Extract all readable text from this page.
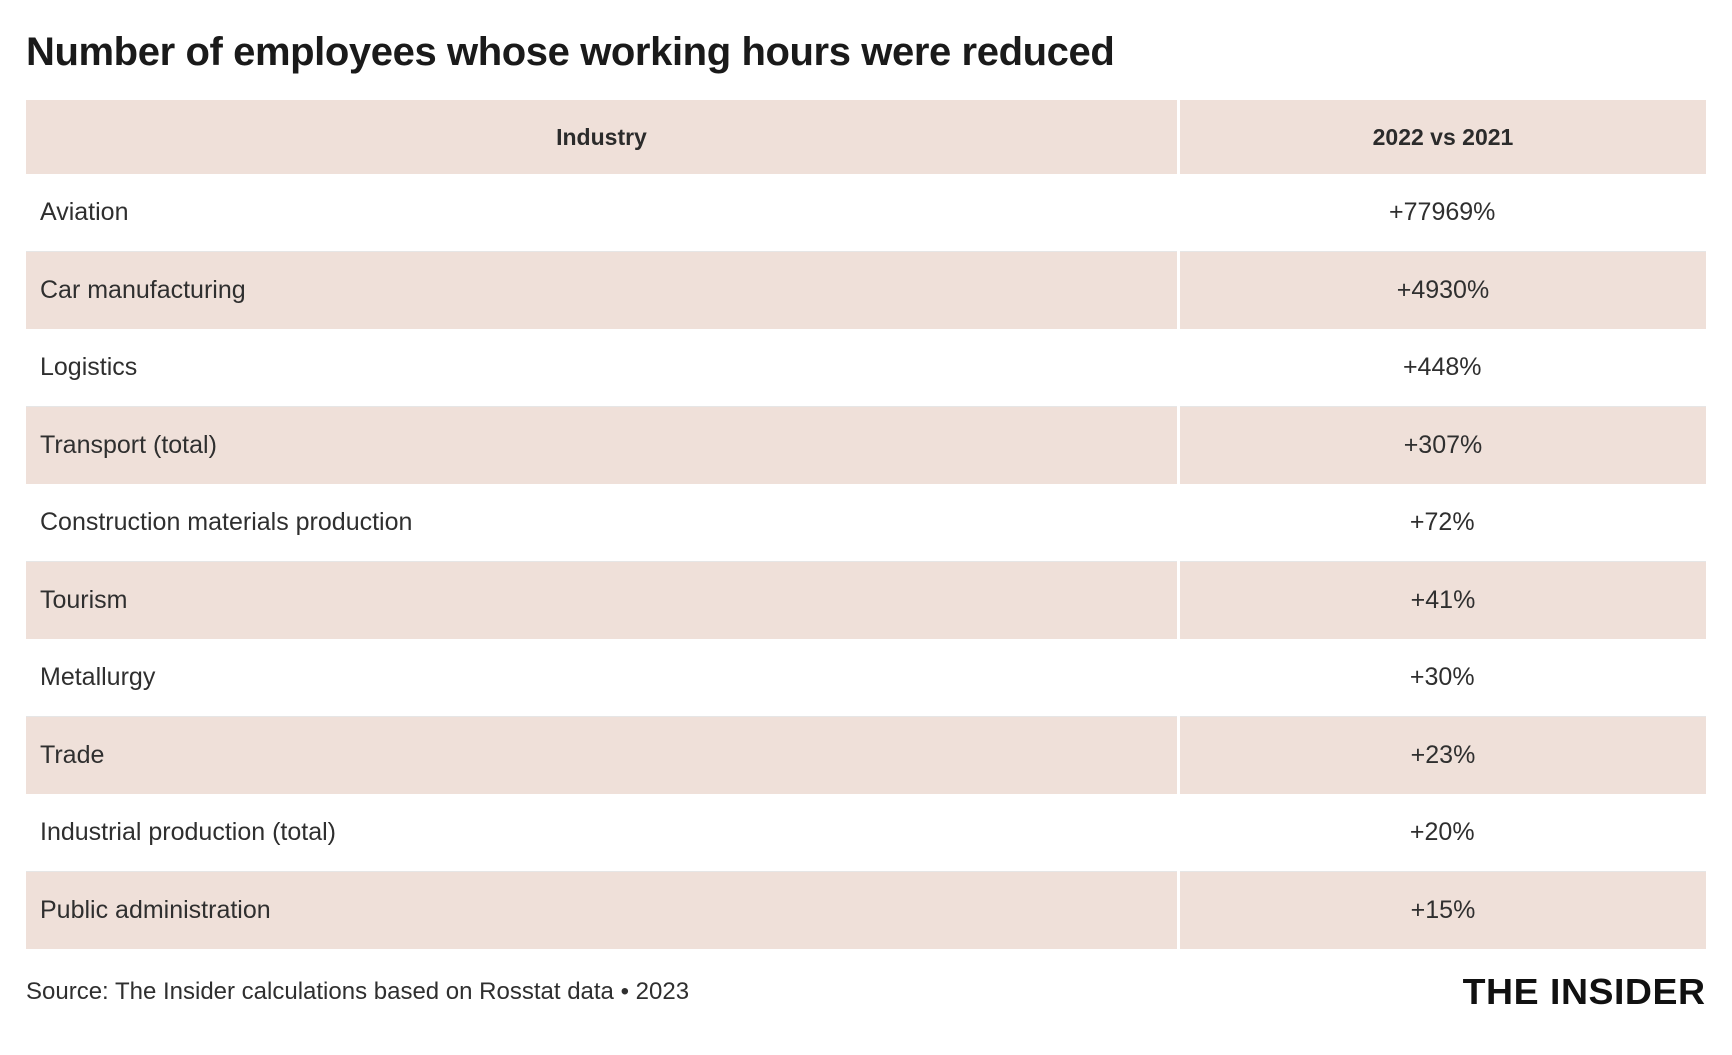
Number of employees whose working hours were reduced
Industry	2022 vs 2021
Aviation	+77969%
Car manufacturing	+4930%
Logistics	+448%
Transport (total)	+307%
Construction materials production	+72%
Tourism	+41%
Metallurgy	+30%
Trade	+23%
Industrial production (total)	+20%
Public administration	+15%
Source: The Insider calculations based on Rosstat data • 2023	THE INSIDER
